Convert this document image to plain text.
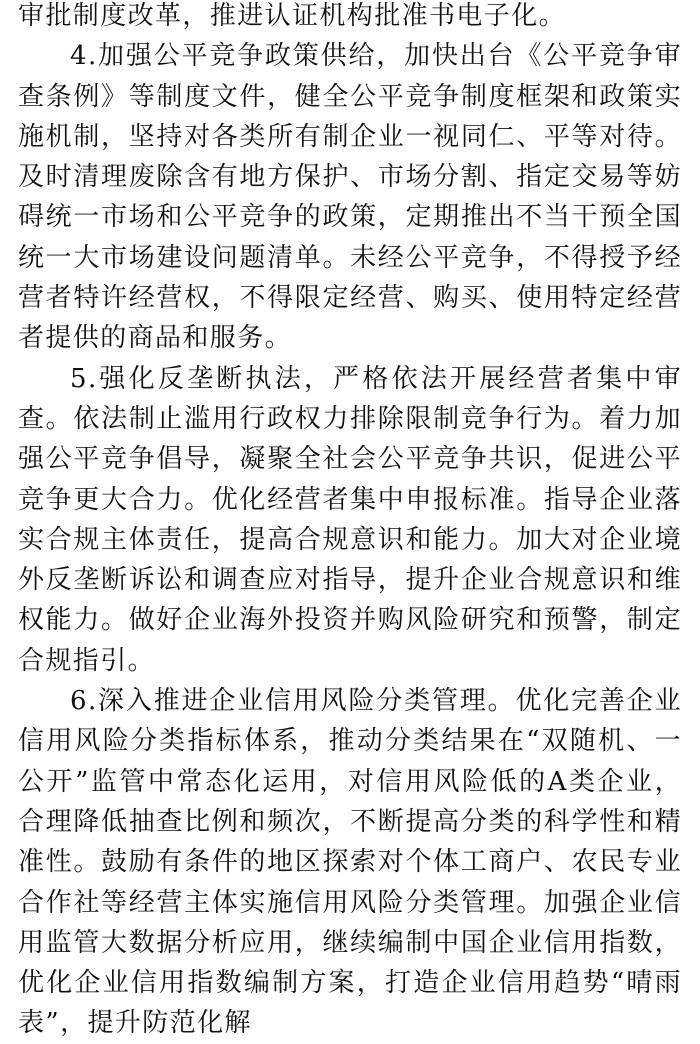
审批制度改革，推进认证机构批准书电子化。

4.加强公平竞争政策供给，加快出台《公平竞争审查条例》等制度文件，健全公平竞争制度框架和政策实施机制，坚持对各类所有制企业一视同仁、平等对待。及时清理废除含有地方保护、市场分割、指定交易等妨碍统一市场和公平竞争的政策，定期推出不当干预全国统一大市场建设问题清单。未经公平竞争，不得授予经营者特许经营权，不得限定经营、购买、使用特定经营者提供的商品和服务。

5.强化反垄断执法，严格依法开展经营者集中审查。依法制止滥用行政权力排除限制竞争行为。着力加强公平竞争倡导，凝聚全社会公平竞争共识，促进公平竞争更大合力。优化经营者集中申报标准。指导企业落实合规主体责任，提高合规意识和能力。加大对企业境外反垄断诉讼和调查应对指导，提升企业合规意识和维权能力。做好企业海外投资并购风险研究和预警，制定合规指引。

6.深入推进企业信用风险分类管理。优化完善企业信用风险分类指标体系，推动分类结果在“双随机、一公开”监管中常态化运用，对信用风险低的A类企业，合理降低抽查比例和频次，不断提高分类的科学性和精准性。鼓励有条件的地区探索对个体工商户、农民专业合作社等经营主体实施信用风险分类管理。加强企业信用监管大数据分析应用，继续编制中国企业信用指数，优化企业信用指数编制方案，打造企业信用趋势“晴雨表”，提升防范化解
